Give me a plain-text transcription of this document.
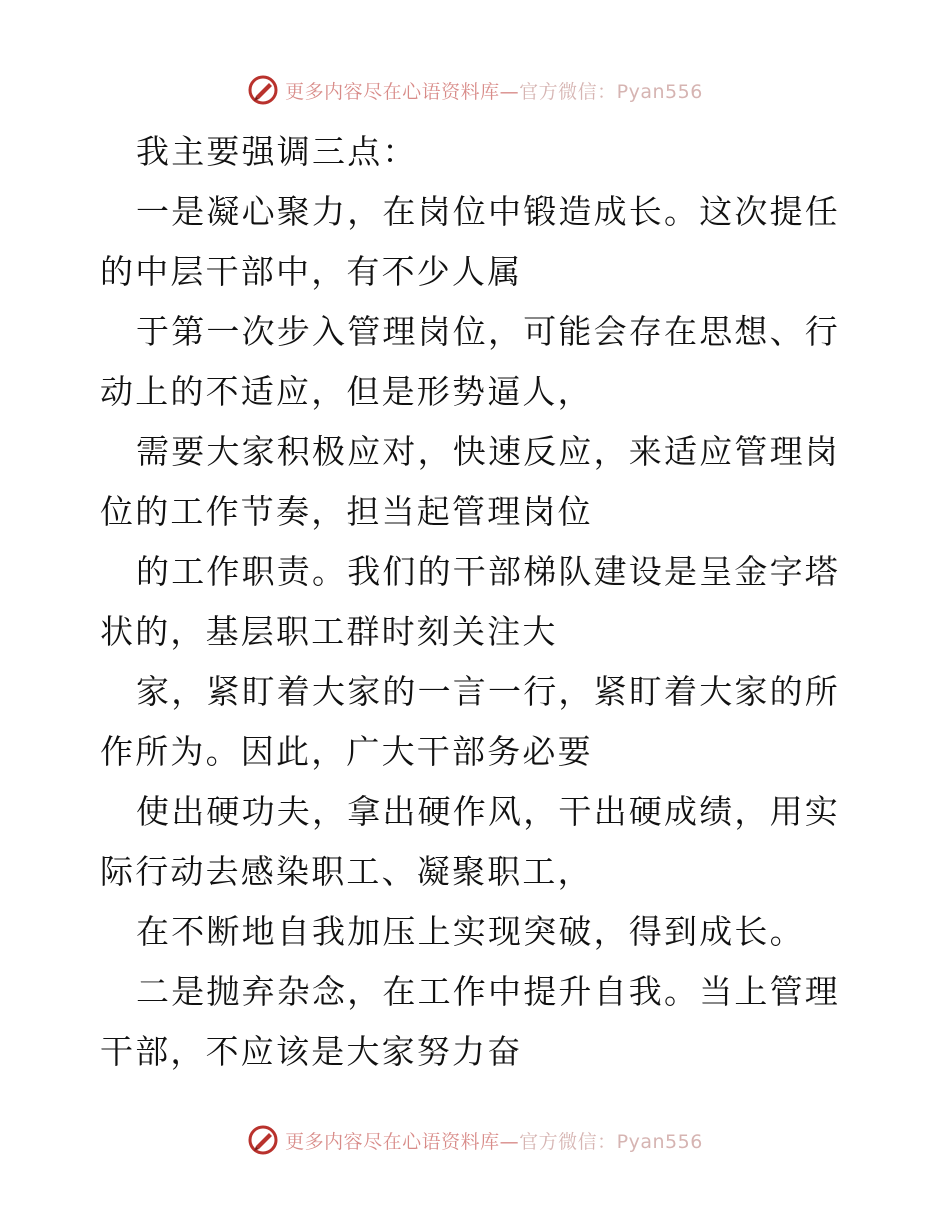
更多内容尽在心语资料库—官方微信：Pyan556

我主要强调三点：

一是凝心聚力，在岗位中锻造成长。这次提任的中层干部中，有不少人属

于第一次步入管理岗位，可能会存在思想、行动上的不适应，但是形势逼人，

需要大家积极应对，快速反应，来适应管理岗位的工作节奏，担当起管理岗位

的工作职责。我们的干部梯队建设是呈金字塔状的，基层职工群时刻关注大

家，紧盯着大家的一言一行，紧盯着大家的所作所为。因此，广大干部务必要

使出硬功夫，拿出硬作风，干出硬成绩，用实际行动去感染职工、凝聚职工，

在不断地自我加压上实现突破，得到成长。

二是抛弃杂念，在工作中提升自我。当上管理干部，不应该是大家努力奋

更多内容尽在心语资料库—官方微信：Pyan556
